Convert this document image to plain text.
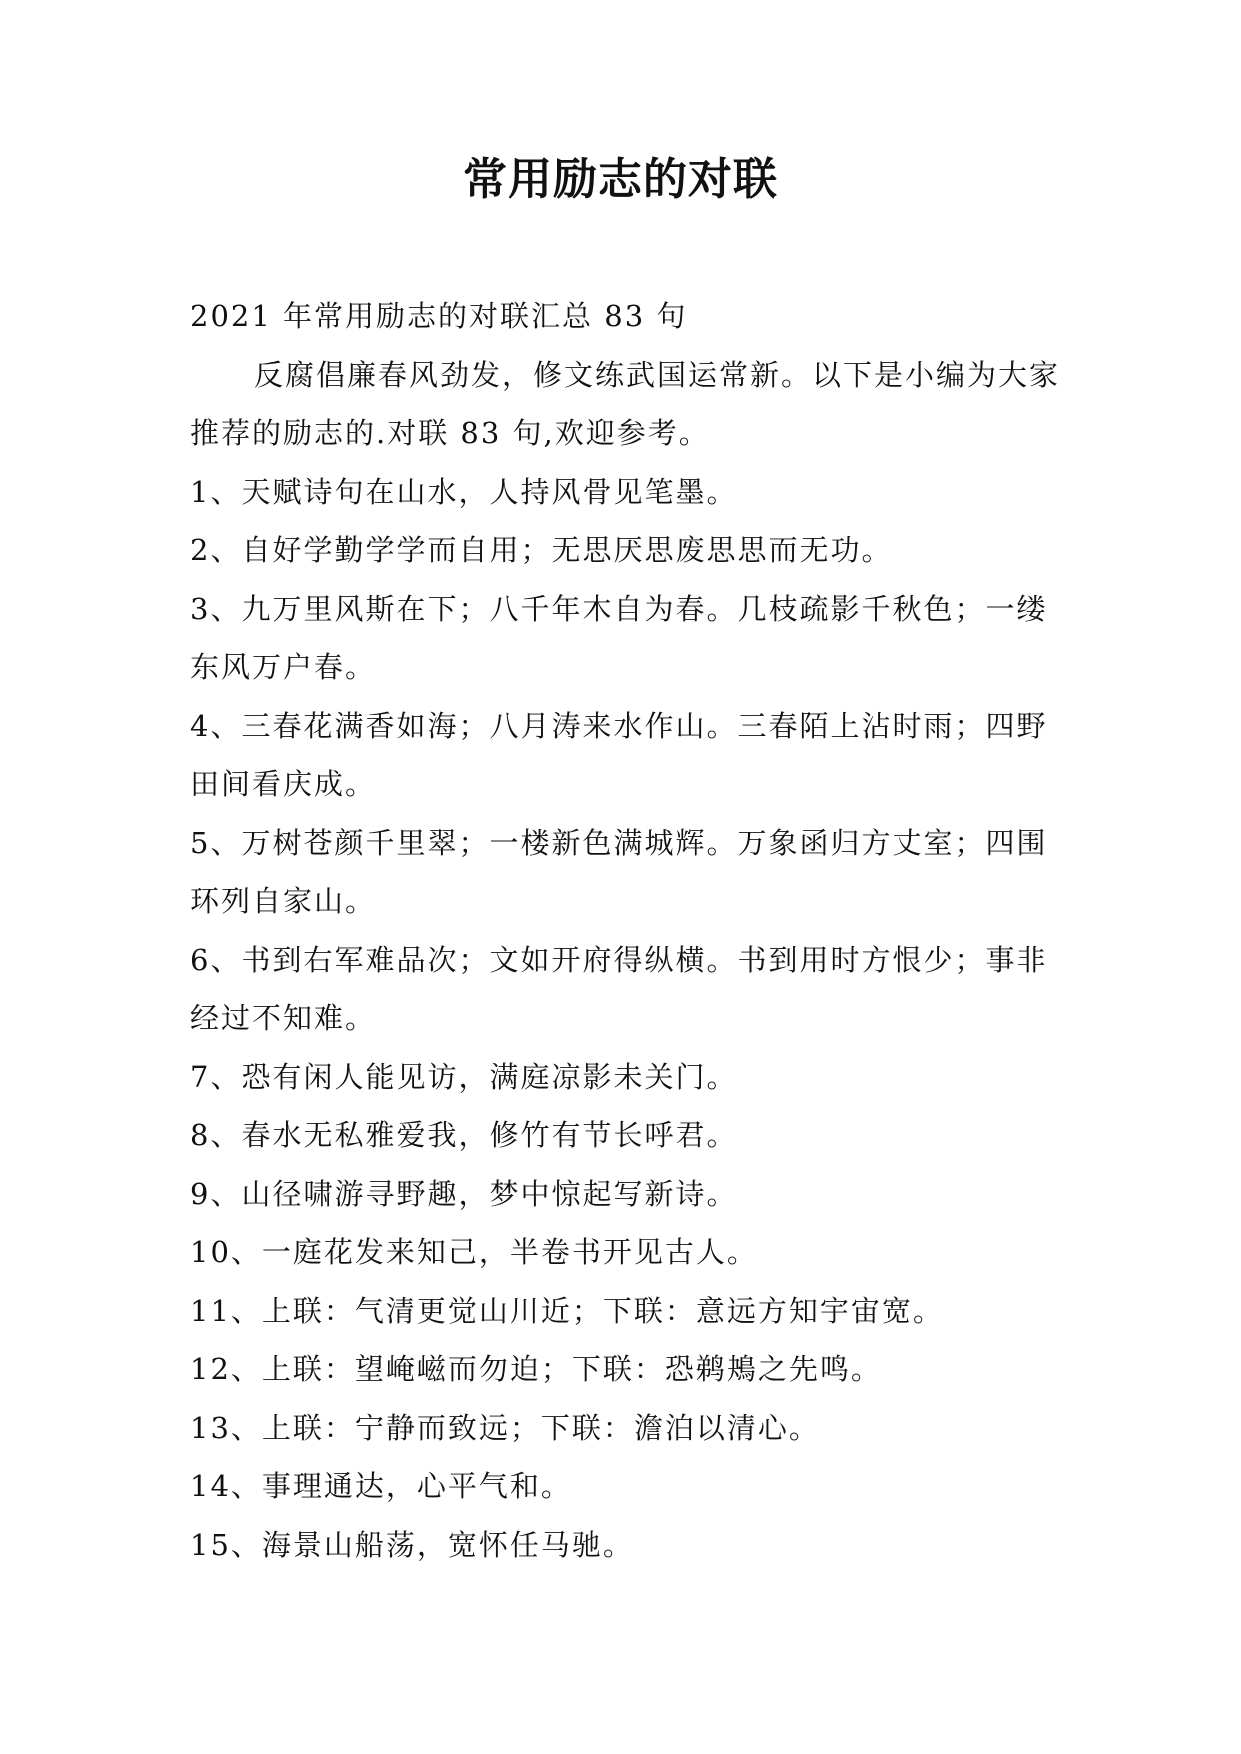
常用励志的对联

2021 年常用励志的对联汇总 83 句

反腐倡廉春风劲发，修文练武国运常新。以下是小编为大家推荐的励志的.对联 83 句,欢迎参考。

1、天赋诗句在山水，人持风骨见笔墨。

2、自好学勤学学而自用；无思厌思废思思而无功。

3、九万里风斯在下；八千年木自为春。几枝疏影千秋色；一缕东风万户春。

4、三春花满香如海；八月涛来水作山。三春陌上沾时雨；四野田间看庆成。

5、万树苍颜千里翠；一楼新色满城辉。万象函归方丈室；四围环列自家山。

6、书到右军难品次；文如开府得纵横。书到用时方恨少；事非经过不知难。

7、恐有闲人能见访，满庭凉影未关门。

8、春水无私雅爱我，修竹有节长呼君。

9、山径啸游寻野趣，梦中惊起写新诗。

10、一庭花发来知己，半卷书开见古人。

11、上联：气清更觉山川近；下联：意远方知宇宙宽。

12、上联：望崦嵫而勿迫；下联：恐鹈鴂之先鸣。

13、上联：宁静而致远；下联：澹泊以清心。

14、事理通达，心平气和。

15、海景山船荡，宽怀任马驰。
